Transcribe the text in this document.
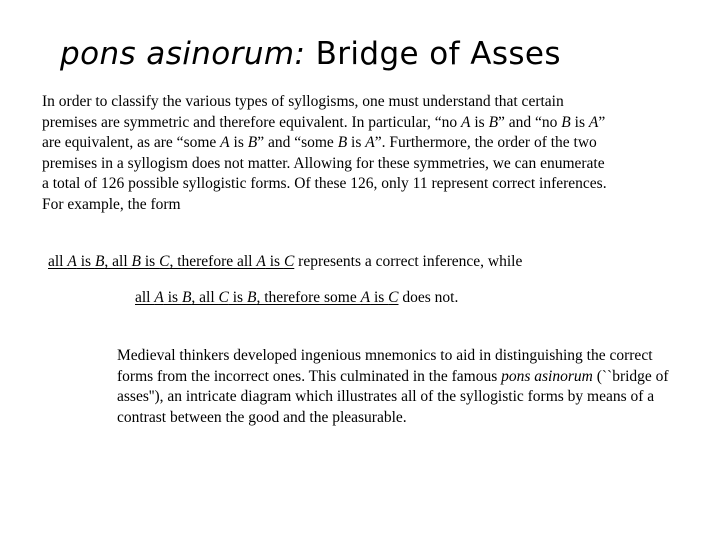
pons asinorum: Bridge of Asses
In order to classify the various types of syllogisms, one must understand that certain premises are symmetric and therefore equivalent. In particular, “no A is B” and “no B is A” are equivalent, as are “some A is B” and “some B is A”. Furthermore, the order of the two premises in a syllogism does not matter. Allowing for these symmetries, we can enumerate a total of 126 possible syllogistic forms. Of these 126, only 11 represent correct inferences. For example, the form
all A is B, all B is C, therefore all A is C represents a correct inference, while
all A is B, all C is B, therefore some A is C does not.
Medieval thinkers developed ingenious mnemonics to aid in distinguishing the correct forms from the incorrect ones. This culminated in the famous pons asinorum (``bridge of asses''), an intricate diagram which illustrates all of the syllogistic forms by means of a contrast between the good and the pleasurable.
